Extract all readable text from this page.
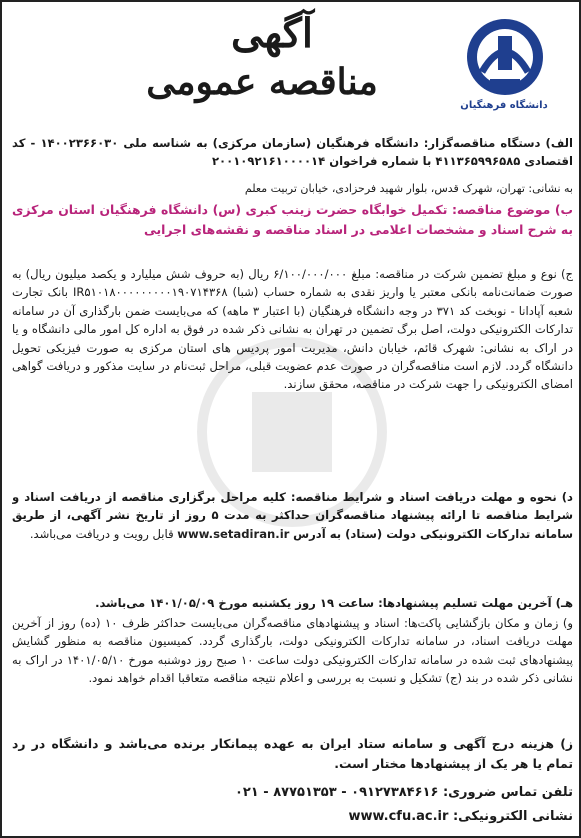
آگهی
مناقصه عمومی
دانشگاه فرهنگیان
الف) دستگاه مناقصه‌گزار: دانشگاه فرهنگیان (سازمان مرکزی) به شناسه ملی ۱۴۰۰۲۳۶۶۰۳۰ - کد اقتصادی ۴۱۱۳۶۵۹۹۶۵۸۵ با شماره فراخوان ۲۰۰۱۰۹۲۱۶۱۰۰۰۰۱۴
به نشانی: تهران، شهرک قدس، بلوار شهید فرحزادی، خیابان تربیت معلم
ب) موضوع مناقصه: تکمیل خوابگاه حضرت زینب کبری (س) دانشگاه فرهنگیان استان مرکزی به شرح اسناد و مشخصات اعلامی در اسناد مناقصه و نقشه‌های اجرایی
ج) نوع و مبلغ تضمین شرکت در مناقصه: مبلغ ۶/۱۰۰/۰۰۰/۰۰۰ ریال (به حروف شش میلیارد و یکصد میلیون ریال) به صورت ضمانت‌نامه بانکی معتبر یا واریز نقدی به شماره حساب (شبا) IR۵۱۰۱۸۰۰۰۰۰۰۰۰۰۱۹۰۷۱۴۳۶۸ بانک تجارت شعبه آپادانا - نوبخت کد ۳۷۱ در وجه دانشگاه فرهنگیان (با اعتبار ۳ ماهه) که می‌بایست ضمن بارگذاری آن در سامانه تدارکات الکترونیکی دولت، اصل برگ تضمین در تهران به نشانی ذکر شده در فوق به اداره کل امور مالی دانشگاه و یا در اراک به نشانی: شهرک قائم، خیابان دانش، مدیریت امور پردیس های استان مرکزی به صورت فیزیکی تحویل دانشگاه گردد. لازم است مناقصه‌گران در صورت عدم عضویت قبلی، مراحل ثبت‌نام در سایت مذکور و دریافت گواهی امضای الکترونیکی را جهت شرکت در مناقصه، محقق سازند.
د) نحوه و مهلت دریافت اسناد و شرایط مناقصه: کلیه مراحل برگزاری مناقصه از دریافت اسناد و شرایط مناقصه تا ارائه پیشنهاد مناقصه‌گران حداکثر به مدت ۵ روز از تاریخ نشر آگهی، از طریق سامانه تدارکات الکترونیکی دولت (ستاد) به آدرس www.setadiran.ir قابل رویت و دریافت می‌باشد.
هـ) آخرین مهلت تسلیم پیشنهادها: ساعت ۱۹ روز یکشنبه مورخ ۱۴۰۱/۰۵/۰۹ می‌باشد.
و) زمان و مکان بازگشایی پاکت‌ها: اسناد و پیشنهادهای مناقصه‌گران می‌بایست حداکثر ظرف ۱۰ (ده) روز از آخرین مهلت دریافت اسناد، در سامانه تدارکات الکترونیکی دولت، بارگذاری گردد. کمیسیون مناقصه به منظور گشایش پیشنهادهای ثبت شده در سامانه تدارکات الکترونیکی دولت ساعت ۱۰ صبح روز دوشنبه مورخ ۱۴۰۱/۰۵/۱۰ در اراک به نشانی ذکر شده در بند (ج) تشکیل و نسبت به بررسی و اعلام نتیجه مناقصه متعاقبا اقدام خواهد نمود.
ز) هزینه درج آگهی و سامانه ستاد ایران به عهده پیمانکار برنده می‌باشد و دانشگاه در رد تمام یا هر یک از پیشنهادها مختار است.
تلفن تماس ضروری: ۰۹۱۲۷۳۸۴۶۱۶ - ۸۷۷۵۱۳۵۳ - ۰۲۱
نشانی الکترونیکی: www.cfu.ac.ir
